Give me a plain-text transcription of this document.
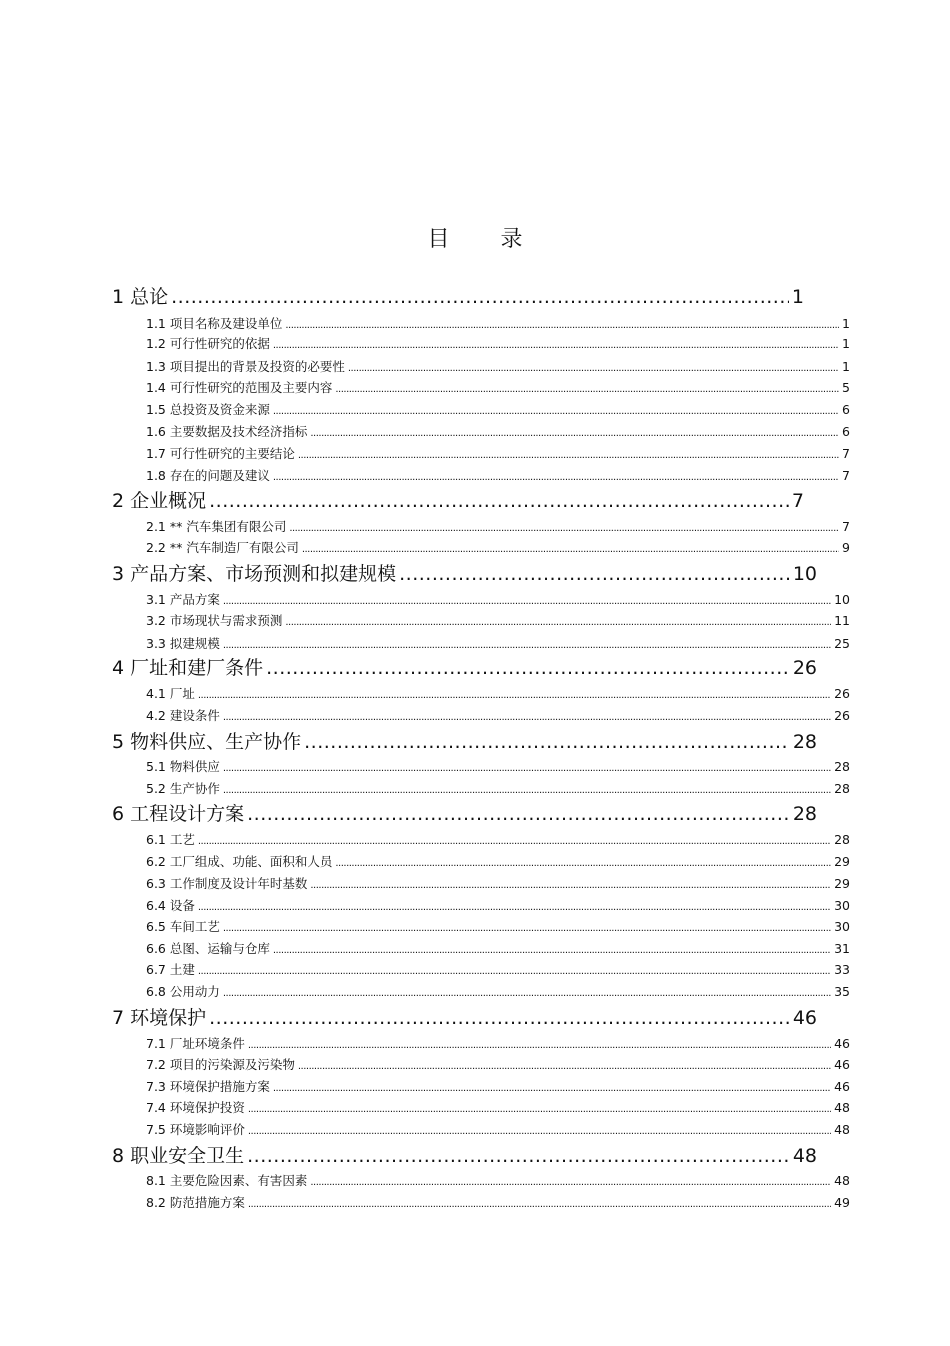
目 录
1 总论 .....	1
1.1 项目名称及建设单位 .....	1
1.2 可行性研究的依据 .....	1
1.3 项目提出的背景及投资的必要性 .....	1
1.4 可行性研究的范围及主要内容 .....	5
1.5 总投资及资金来源 .....	6
1.6 主要数据及技术经济指标 .....	6
1.7 可行性研究的主要结论 .....	7
1.8 存在的问题及建议 .....	7
2 企业概况 .....	7
2.1 ** 汽车集团有限公司 .....	7
2.2 ** 汽车制造厂有限公司 .....	9
3 产品方案、市场预测和拟建规模 .....	10
3.1 产品方案 .....	10
3.2 市场现状与需求预测 .....	11
3.3 拟建规模 .....	25
4 厂址和建厂条件 .....	26
4.1 厂址 .....	26
4.2 建设条件 .....	26
5 物料供应、生产协作 .....	28
5.1 物料供应 .....	28
5.2 生产协作 .....	28
6 工程设计方案 .....	28
6.1 工艺 .....	28
6.2 工厂组成、功能、面积和人员 .....	29
6.3 工作制度及设计年时基数 .....	29
6.4 设备 .....	30
6.5 车间工艺 .....	30
6.6 总图、运输与仓库 .....	31
6.7 土建 .....	33
6.8 公用动力 .....	35
7 环境保护 .....	46
7.1 厂址环境条件 .....	46
7.2 项目的污染源及污染物 .....	46
7.3 环境保护措施方案 .....	46
7.4 环境保护投资 .....	48
7.5 环境影响评价 .....	48
8 职业安全卫生 .....	48
8.1 主要危险因素、有害因素 .....	48
8.2 防范措施方案 .....	49
